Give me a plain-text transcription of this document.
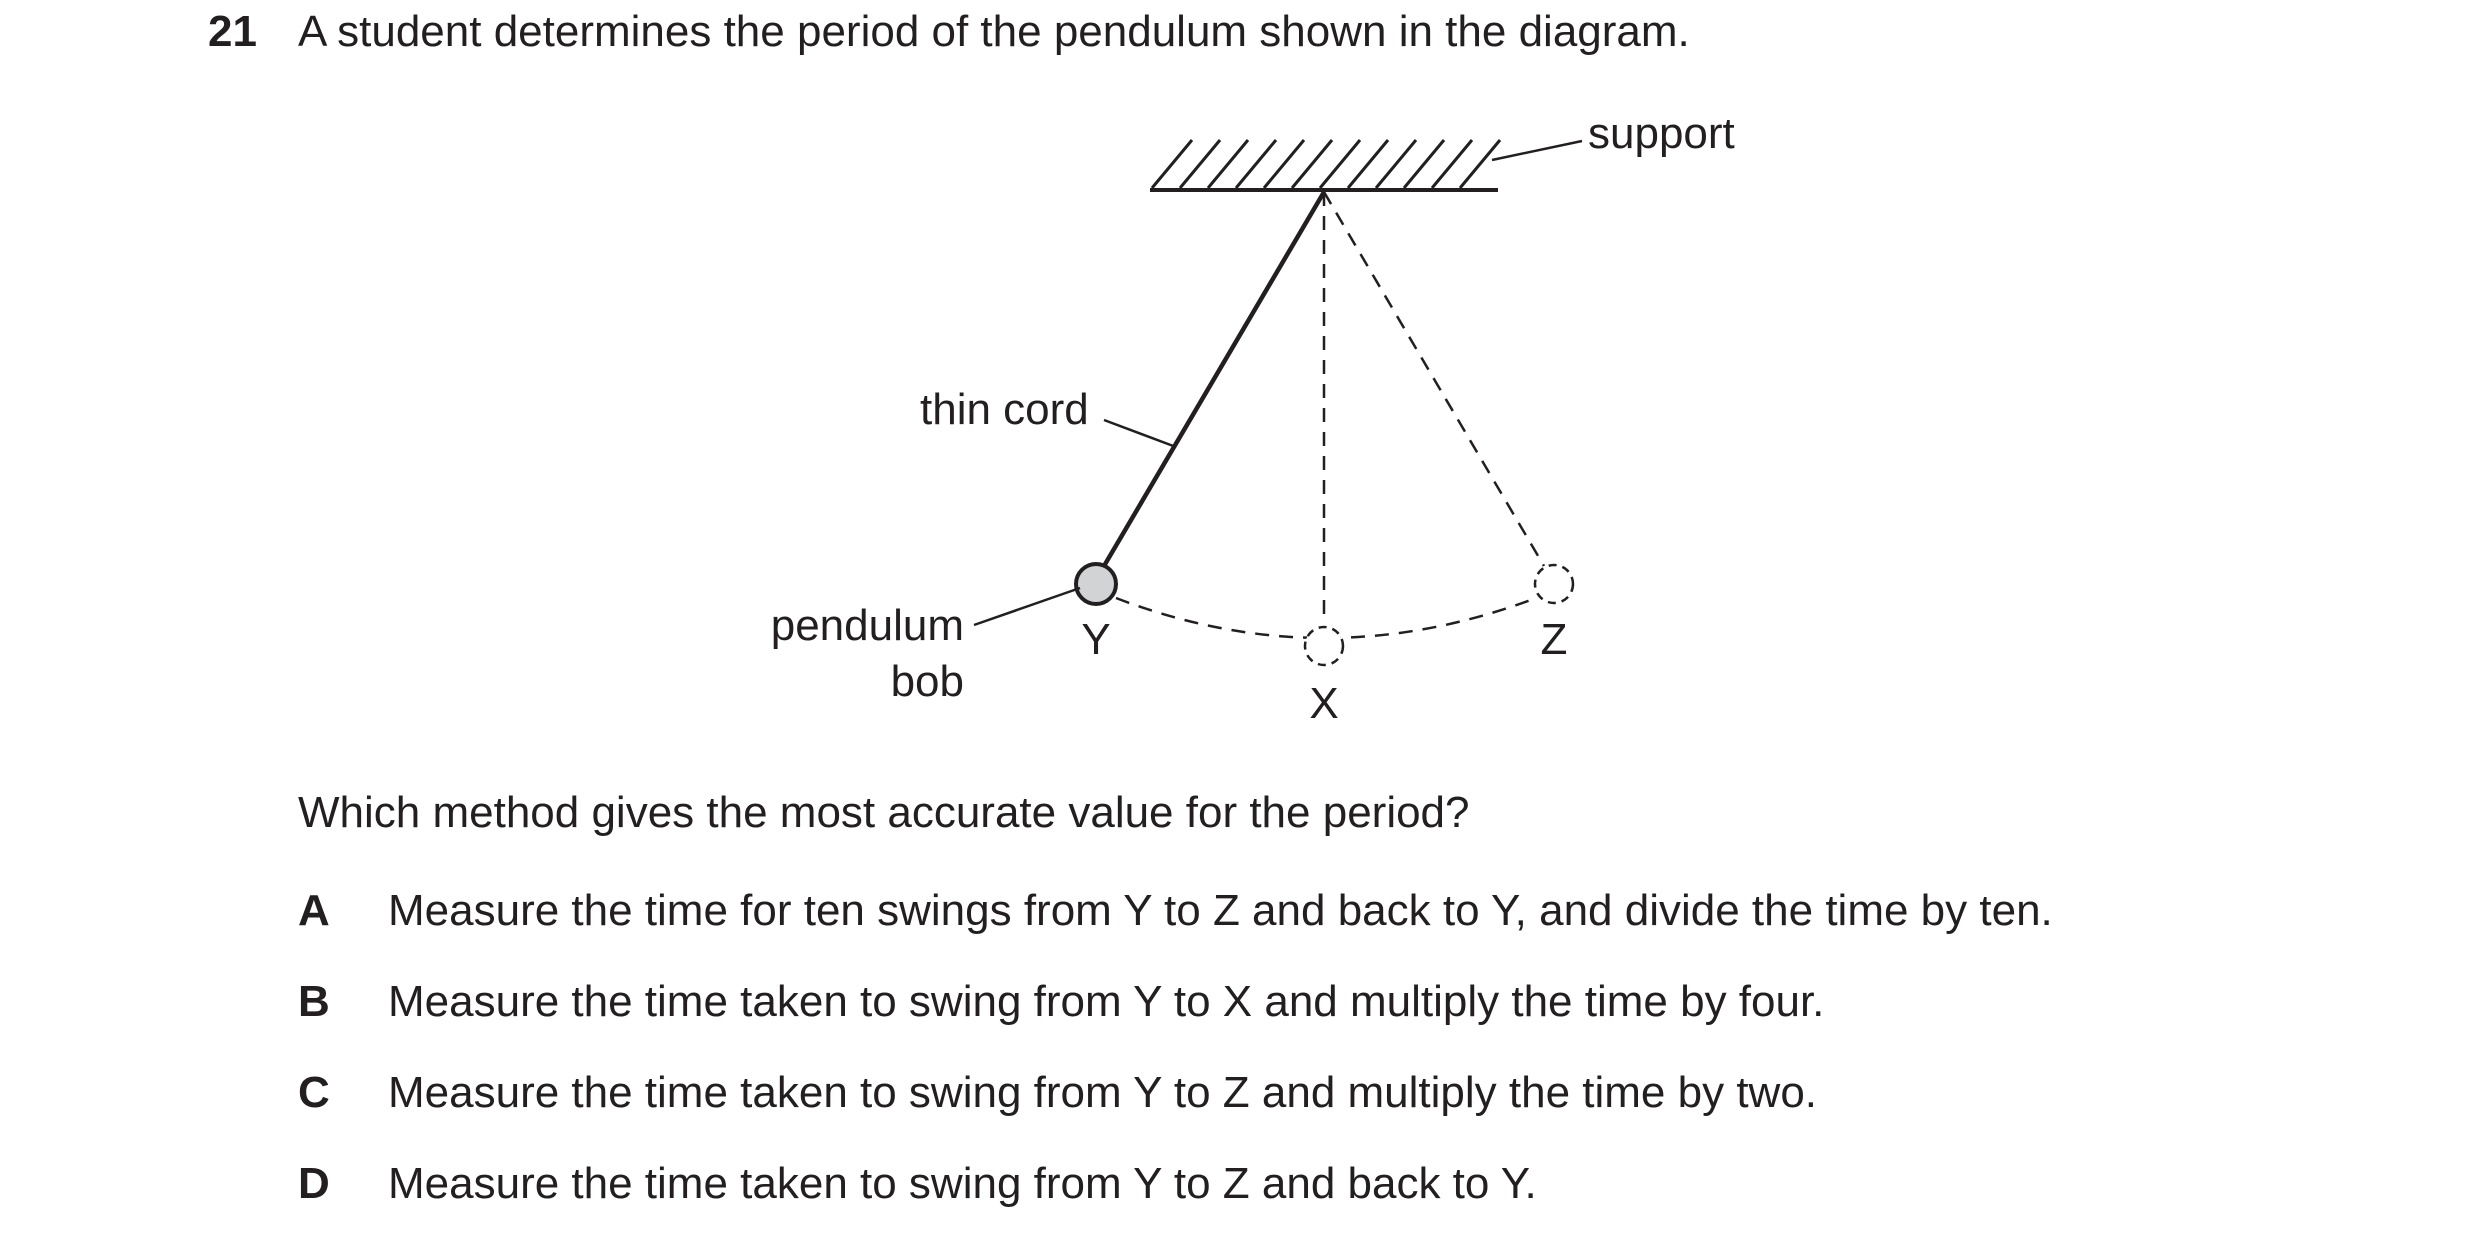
21 A student determines the period of the pendulum shown in the diagram.
support
thin cord
pendulum
bob
Y
X
Z
Which method gives the most accurate value for the period?
A Measure the time for ten swings from Y to Z and back to Y, and divide the time by ten.
B Measure the time taken to swing from Y to X and multiply the time by four.
C Measure the time taken to swing from Y to Z and multiply the time by two.
D Measure the time taken to swing from Y to Z and back to Y.
